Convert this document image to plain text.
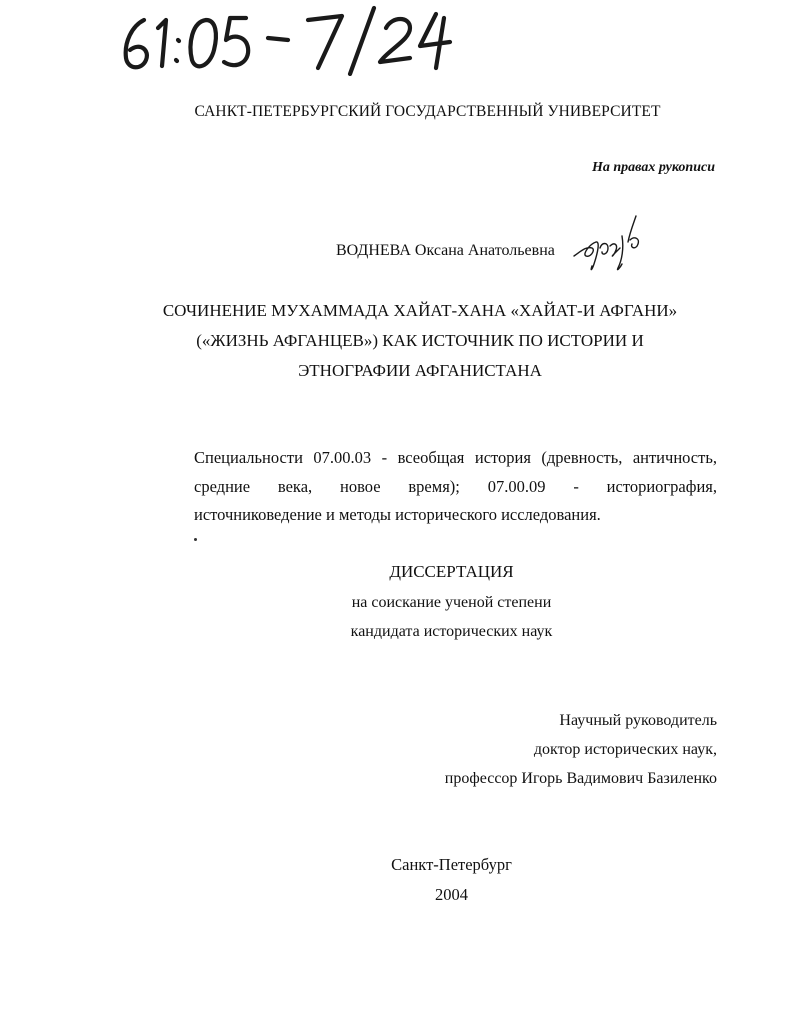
САНКТ-ПЕТЕРБУРГСКИЙ ГОСУДАРСТВЕННЫЙ УНИВЕРСИТЕТ
На правах рукописи
ВОДНЕВА Оксана Анатольевна
СОЧИНЕНИЕ МУХАММАДА ХАЙАТ-ХАНА «ХАЙАТ-И АФГАНИ»
(«ЖИЗНЬ АФГАНЦЕВ») КАК ИСТОЧНИК ПО ИСТОРИИ И
ЭТНОГРАФИИ АФГАНИСТАНА
Специальности 07.00.03 - всеобщая история (древность, античность,
средние века, новое время); 07.00.09 - историография,
источниковедение и методы исторического исследования.
ДИССЕРТАЦИЯ
на соискание ученой степени
кандидата исторических наук
Научный руководитель
доктор исторических наук,
профессор Игорь Вадимович Базиленко
Санкт-Петербург
2004
